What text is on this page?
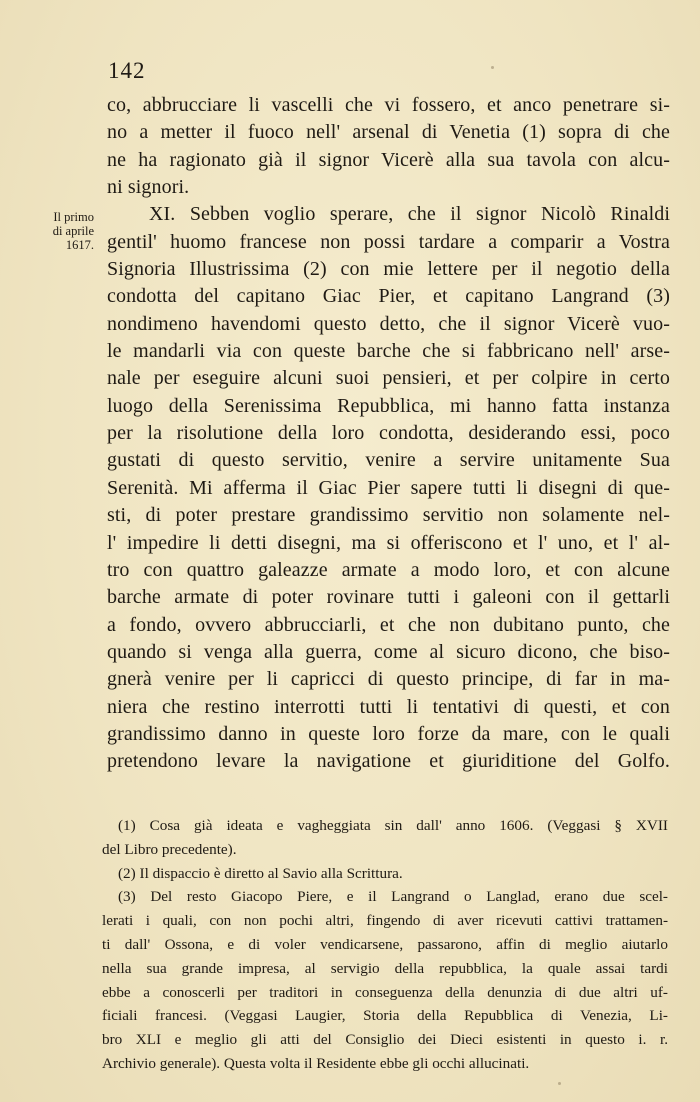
142
Il primo
di aprile
1617.
co, abbrucciare li vascelli che vi fossero, et anco penetrare si-
no a metter il fuoco nell' arsenal di Venetia (1) sopra di che
ne ha ragionato già il signor Vicerè alla sua tavola con alcu-
ni signori.
XI. Sebben voglio sperare, che il signor Nicolò Rinaldi
gentil' huomo francese non possi tardare a comparir a Vostra
Signoria Illustrissima (2) con mie lettere per il negotio della
condotta del capitano Giac Pier, et capitano Langrand (3)
nondimeno havendomi questo detto, che il signor Vicerè vuo-
le mandarli via con queste barche che si fabbricano nell' arse-
nale per eseguire alcuni suoi pensieri, et per colpire in certo
luogo della Serenissima Repubblica, mi hanno fatta instanza
per la risolutione della loro condotta, desiderando essi, poco
gustati di questo servitio, venire a servire unitamente Sua
Serenità. Mi afferma il Giac Pier sapere tutti li disegni di que-
sti, di poter prestare grandissimo servitio non solamente nel-
l' impedire li detti disegni, ma si offeriscono et l' uno, et l' al-
tro con quattro galeazze armate a modo loro, et con alcune
barche armate di poter rovinare tutti i galeoni con il gettarli
a fondo, ovvero abbrucciarli, et che non dubitano punto, che
quando si venga alla guerra, come al sicuro dicono, che biso-
gnerà venire per li capricci di questo principe, di far in ma-
niera che restino interrotti tutti li tentativi di questi, et con
grandissimo danno in queste loro forze da mare, con le quali
pretendono levare la navigatione et giuriditione del Golfo.
(1) Cosa già ideata e vagheggiata sin dall' anno 1606. (Veggasi § XVII
del Libro precedente).
(2) Il dispaccio è diretto al Savio alla Scrittura.
(3) Del resto Giacopo Piere, e il Langrand o Langlad, erano due scel-
lerati i quali, con non pochi altri, fingendo di aver ricevuti cattivi trattamen-
ti dall' Ossona, e di voler vendicarsene, passarono, affin di meglio aiutarlo
nella sua grande impresa, al servigio della repubblica, la quale assai tardi
ebbe a conoscerli per traditori in conseguenza della denunzia di due altri uf-
ficiali francesi. (Veggasi Laugier, Storia della Repubblica di Venezia, Li-
bro XLI e meglio gli atti del Consiglio dei Dieci esistenti in questo i. r.
Archivio generale). Questa volta il Residente ebbe gli occhi allucinati.
